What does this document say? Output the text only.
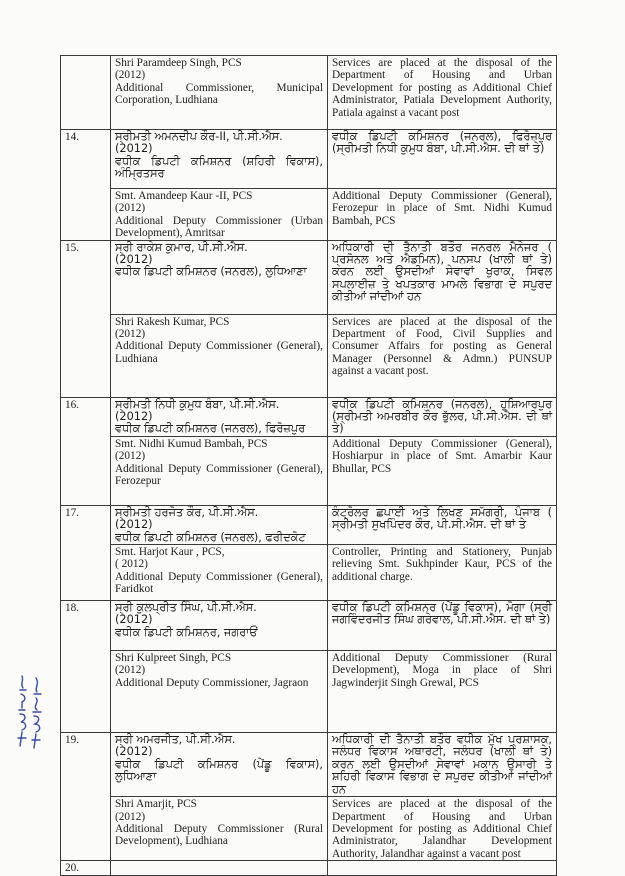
	Shri Paramdeep Singh, PCS
(2012)
Additional Commissioner, Municipal Corporation, Ludhiana	Services are placed at the disposal of the Department of Housing and Urban Development for posting as Additional Chief Administrator, Patiala Development Authority, Patiala against a vacant post
14.	ਸ੍ਰੀਮਤੀ ਅਮਨਦੀਪ ਕੌਰ-II, ਪੀ.ਸੀ.ਐਸ.
(2012)
ਵਧੀਕ ਡਿਪਟੀ ਕਮਿਸ਼ਨਰ (ਸ਼ਹਿਰੀ ਵਿਕਾਸ), ਅੰਮ੍ਰਿਤਸਰ	ਵਧੀਕ ਡਿਪਟੀ ਕਮਿਸ਼ਨਰ (ਜਨਰਲ), ਫਿਰੋਜ਼ਪੁਰ (ਸ੍ਰੀਮਤੀ ਨਿਧੀ ਕੁਮੁਧ ਬੰਬਾ, ਪੀ.ਸੀ.ਐਸ. ਦੀ ਥਾਂ ਤੇ)

	Smt. Amandeep Kaur -II, PCS
(2012)
Additional Deputy Commissioner (Urban Development), Amritsar	Additional Deputy Commissioner (General), Ferozepur in place of Smt. Nidhi Kumud Bambah, PCS
15.	ਸ੍ਰੀ ਰਾਕੇਸ਼ ਕੁਮਾਰ, ਪੀ.ਸੀ.ਐਸ.
(2012)
ਵਧੀਕ ਡਿਪਟੀ ਕਮਿਸ਼ਨਰ (ਜਨਰਲ), ਲੁਧਿਆਣਾ	ਅਧਿਕਾਰੀ ਦੀ ਤੈਨਾਤੀ ਬਤੌਰ ਜਨਰਲ ਮੈਨੇਜਰ ( ਪ੍ਰਸੋਨਲ ਅਤੇ ਐਡਮਿਨ), ਪਨਸਪ (ਖਾਲੀ ਥਾਂ ਤੇ) ਕਰਨ ਲਈ ਉਸਦੀਆਂ ਸੇਵਾਵਾਂ ਖੁਰਾਕ, ਸਿਵਲ ਸਪਲਾਈਜ਼ ਤੇ ਖਪਤਕਾਰ ਮਾਮਲੇ ਵਿਭਾਗ ਦੇ ਸਪੁਰਦ ਕੀਤੀਆਂ ਜਾਂਦੀਆਂ ਹਨ

	Shri Rakesh Kumar, PCS
(2012)
Additional Deputy Commissioner (General), Ludhiana	Services are placed at the disposal of the Department of Food, Civil Supplies and Consumer Affairs for posting as General Manager (Personnel & Admn.) PUNSUP against a vacant post.
16.	ਸ੍ਰੀਮਤੀ ਨਿਧੀ ਕੁਮੁਧ ਬੰਬਾ, ਪੀ.ਸੀ.ਐਸ.
(2012)
ਵਧੀਕ ਡਿਪਟੀ ਕਮਿਸ਼ਨਰ (ਜਨਰਲ), ਫਿਰੋਜ਼ਪੁਰ	ਵਧੀਕ ਡਿਪਟੀ ਕਮਿਸ਼ਨਰ (ਜਨਰਲ), ਹੁਸ਼ਿਆਰਪੁਰ (ਸ੍ਰੀਮਤੀ ਅਮਰਬੀਰ ਕੌਰ ਭੁੱਲਰ, ਪੀ.ਸੀ.ਐਸ. ਦੀ ਥਾਂ ਤੇ)

	Smt. Nidhi Kumud Bambah, PCS
(2012)
Additional Deputy Commissioner (General), Ferozepur	Additional Deputy Commissioner (General), Hoshiarpur in place of Smt. Amarbir Kaur Bhullar, PCS
17.	ਸ੍ਰੀਮਤੀ ਹਰਜੋਤ ਕੌਰ, ਪੀ.ਸੀ.ਐਸ.
(2012)
ਵਧੀਕ ਡਿਪਟੀ ਕਮਿਸ਼ਨਰ (ਜਨਰਲ), ਫਰੀਦਕੋਟ	ਕੰਟ੍ਰੋਲਰ ਛਪਾਈ ਅਤੇ ਲਿਖਣ ਸਮੱਗਰੀ, ਪੰਜਾਬ ( ਸ੍ਰੀਮਤੀ ਸੁਖਪਿੰਦਰ ਕੌਰ, ਪੀ.ਸੀ.ਐਸ. ਦੀ ਥਾਂ ਤੇ

	Smt. Harjot Kaur , PCS,
( 2012)
Additional Deputy Commissioner (General), Faridkot	Controller, Printing and Stationery, Punjab relieving Smt. Sukhpinder Kaur, PCS of the additional charge.
18.	ਸ੍ਰੀ ਕੁਲਪ੍ਰੀਤ ਸਿੰਘ, ਪੀ.ਸੀ.ਐਸ.
(2012)
ਵਧੀਕ ਡਿਪਟੀ ਕਮਿਸ਼ਨਰ, ਜਗਰਾਓਂ	ਵਧੀਕ ਡਿਪਟੀ ਕਮਿਸ਼ਨਰ (ਪੇਂਡੂ ਵਿਕਾਸ), ਮੋਗਾ (ਸ੍ਰੀ ਜਗਵਿੰਦਰਜੀਤ ਸਿੰਘ ਗਰੇਵਾਲ, ਪੀ.ਸੀ.ਐਸ. ਦੀ ਥਾਂ ਤੇ)

	Shri Kulpreet Singh, PCS
(2012)
Additional Deputy Commissioner, Jagraon	Additional Deputy Commissioner (Rural Development), Moga in place of Shri Jagwinderjit Singh Grewal, PCS
19.	ਸ੍ਰੀ ਅਮਰਜੀਤ, ਪੀ.ਸੀ.ਐਸ.
(2012)
ਵਧੀਕ ਡਿਪਟੀ ਕਮਿਸ਼ਨਰ (ਪੇਂਡੂ ਵਿਕਾਸ), ਲੁਧਿਆਣਾ	ਅਧਿਕਾਰੀ ਦੀ ਤੈਨਾਤੀ ਬਤੌਰ ਵਧੀਕ ਮੁੱਖ ਪ੍ਰਸ਼ਾਸਕ, ਜਲੰਧਰ ਵਿਕਾਸ ਅਥਾਰਟੀ, ਜਲੰਧਰ (ਖਾਲੀ ਥਾਂ ਤੇ) ਕਰਨ ਲਈ ਉਸਦੀਆਂ ਸੇਵਾਵਾਂ ਮਕਾਨ ਉਸਾਰੀ ਤੇ ਸ਼ਹਿਰੀ ਵਿਕਾਸ ਵਿਭਾਗ ਦੇ ਸਪੁਰਦ ਕੀਤੀਆਂ ਜਾਂਦੀਆਂ ਹਨ

	Shri Amarjit, PCS
(2012)
Additional Deputy Commissioner (Rural Development), Ludhiana	Services are placed at the disposal of the Department of Housing and Urban Development for posting as Additional Chief Administrator, Jalandhar Development Authority, Jalandhar against a vacant post
20.	
